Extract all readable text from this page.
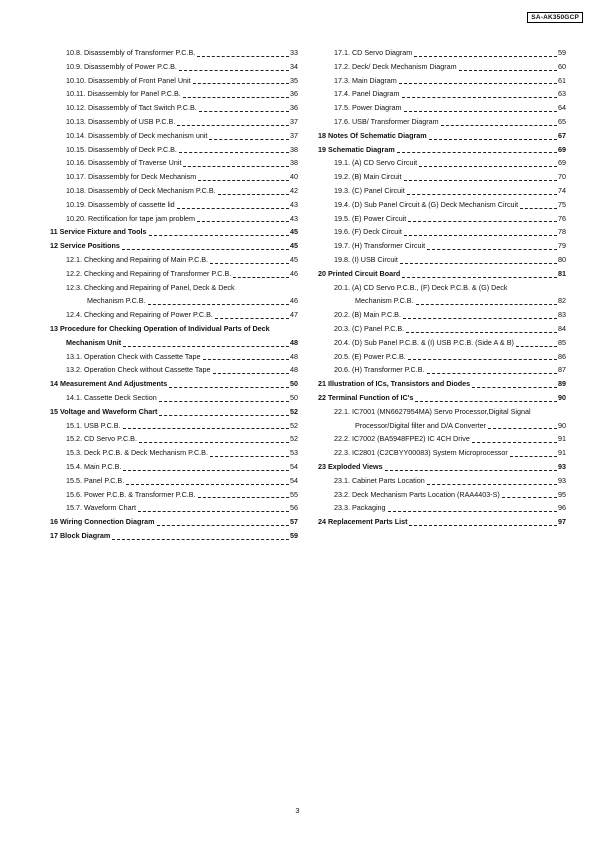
SA-AK350GCP
10.8. Disassembly of Transformer P.C.B.	33
10.9. Disassembly of Power P.C.B.	34
10.10. Disassembly of Front Panel Unit	35
10.11. Disassembly for Panel P.C.B.	36
10.12. Disassembly of Tact Switch P.C.B.	36
10.13. Disassembly of USB P.C.B.	37
10.14. Disassembly of Deck mechanism unit	37
10.15. Disassembly of Deck P.C.B.	38
10.16. Disassembly of Traverse Unit	38
10.17. Disassembly for Deck Mechanism	40
10.18. Disassembly of Deck Mechanism P.C.B.	42
10.19. Disassembly of cassette lid	43
10.20. Rectification for tape jam problem	43
11 Service Fixture and Tools	45
12 Service Positions	45
12.1. Checking and Repairing of Main P.C.B.	45
12.2. Checking and Repairing of Transformer P.C.B.	46
12.3. Checking and Repairing of Panel, Deck & Deck
Mechanism P.C.B.	46
12.4. Checking and Repairing of Power P.C.B.	47
13 Procedure for Checking Operation of Individual Parts of Deck
Mechanism Unit	48
13.1. Operation Check with Cassette Tape	48
13.2. Operation Check without Cassette Tape	48
14 Measurement And Adjustments	50
14.1. Cassette Deck Section	50
15 Voltage and Waveform Chart	52
15.1. USB P.C.B.	52
15.2. CD Servo P.C.B.	52
15.3. Deck P.C.B. & Deck Mechanism P.C.B.	53
15.4. Main P.C.B.	54
15.5. Panel P.C.B.	54
15.6. Power P.C.B. & Transformer P.C.B.	55
15.7. Waveform Chart	56
16 Wiring Connection Diagram	57
17 Block Diagram	59
17.1. CD Servo Diagram	59
17.2. Deck/ Deck Mechanism Diagram	60
17.3. Main Diagram	61
17.4. Panel Diagram	63
17.5. Power Diagram	64
17.6. USB/ Transformer Diagram	65
18 Notes Of Schematic Diagram	67
19 Schematic Diagram	69
19.1. (A) CD Servo Circuit	69
19.2. (B) Main Circuit	70
19.3. (C) Panel Circuit	74
19.4. (D) Sub Panel Circuit & (G) Deck Mechanism Circuit	75
19.5. (E) Power Circuit	76
19.6. (F) Deck Circuit	78
19.7. (H) Transformer Circuit	79
19.8. (I) USB Circuit	80
20 Printed Circuit Board	81
20.1. (A) CD Servo P.C.B., (F) Deck P.C.B. & (G) Deck
Mechanism P.C.B.	82
20.2. (B) Main P.C.B.	83
20.3. (C) Panel P.C.B.	84
20.4. (D) Sub Panel P.C.B. & (I) USB P.C.B. (Side A & B)	85
20.5. (E) Power P.C.B.	86
20.6. (H) Transformer P.C.B.	87
21 Illustration of ICs, Transistors and Diodes	89
22 Terminal Function of IC's	90
22.1. IC7001 (MN6627954MA) Servo Processor,Digital Signal
Processor/Digital filter and D/A Converter	90
22.2. IC7002 (BA5948FPE2) IC 4CH Drive	91
22.3. IC2801 (C2CBYY00083) System Microprocessor	91
23 Exploded Views	93
23.1. Cabinet Parts Location	93
23.2. Deck Mechanism Parts Location (RAA4403-S)	95
23.3. Packaging	96
24 Replacement Parts List	97
3
